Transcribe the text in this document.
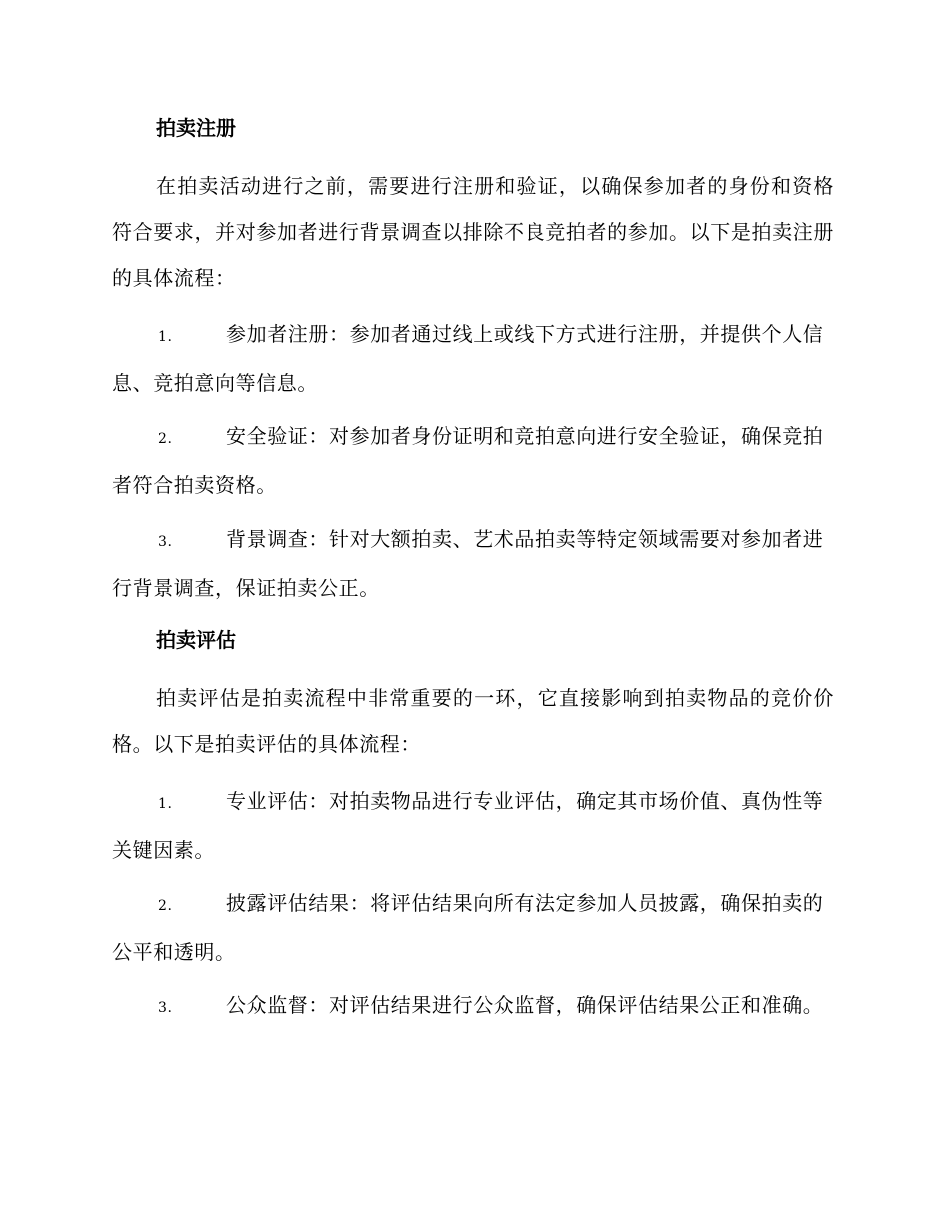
拍卖注册
在拍卖活动进行之前，需要进行注册和验证，以确保参加者的身份和资格符合要求，并对参加者进行背景调查以排除不良竞拍者的参加。以下是拍卖注册的具体流程：
1.	参加者注册：参加者通过线上或线下方式进行注册，并提供个人信息、竞拍意向等信息。
2.	安全验证：对参加者身份证明和竞拍意向进行安全验证，确保竞拍者符合拍卖资格。
3.	背景调查：针对大额拍卖、艺术品拍卖等特定领域需要对参加者进行背景调查，保证拍卖公正。
拍卖评估
拍卖评估是拍卖流程中非常重要的一环，它直接影响到拍卖物品的竞价价格。以下是拍卖评估的具体流程：
1.	专业评估：对拍卖物品进行专业评估，确定其市场价值、真伪性等关键因素。
2.	披露评估结果：将评估结果向所有法定参加人员披露，确保拍卖的公平和透明。
3.	公众监督：对评估结果进行公众监督，确保评估结果公正和准确。
